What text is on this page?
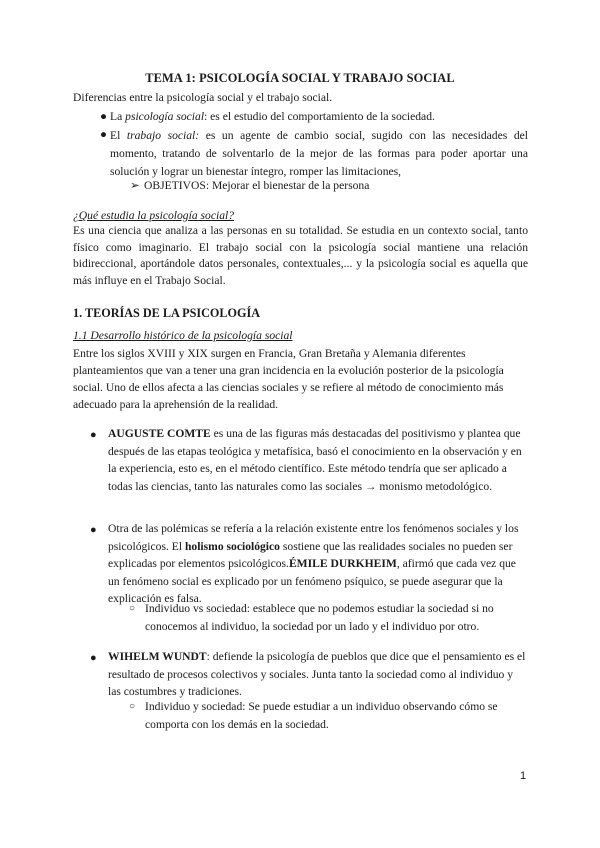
TEMA 1: PSICOLOGÍA SOCIAL Y TRABAJO SOCIAL
Diferencias entre la psicología social y el trabajo social.
● La psicología social: es el estudio del comportamiento de la sociedad.
● El trabajo social: es un agente de cambio social, sugido con las necesidades del momento, tratando de solventarlo de la mejor de las formas para poder aportar una solución y lograr un bienestar íntegro, romper las limitaciones,
➢ OBJETIVOS: Mejorar el bienestar de la persona
¿Qué estudia la psicología social?
Es una ciencia que analiza a las personas en su totalidad. Se estudia en un contexto social, tanto físico como imaginario. El trabajo social con la psicología social mantiene una relación bidireccional, aportándole datos personales, contextuales,... y la psicología social es aquella que más influye en el Trabajo Social.
1. TEORÍAS DE LA PSICOLOGÍA
1.1 Desarrollo histórico de la psicología social
Entre los siglos XVIII y XIX surgen en Francia, Gran Bretaña y Alemania diferentes planteamientos que van a tener una gran incidencia en la evolución posterior de la psicología social. Uno de ellos afecta a las ciencias sociales y se refiere al método de conocimiento más adecuado para la aprehensión de la realidad.
● AUGUSTE COMTE es una de las figuras más destacadas del positivismo y plantea que después de las etapas teológica y metafísica, basó el conocimiento en la observación y en la experiencia, esto es, en el método científico. Este método tendría que ser aplicado a todas las ciencias, tanto las naturales como las sociales → monismo metodológico.
● Otra de las polémicas se refería a la relación existente entre los fenómenos sociales y los psicológicos. El holismo sociológico sostiene que las realidades sociales no pueden ser explicadas por elementos psicológicos.ÉMILE DURKHEIM, afirmó que cada vez que un fenómeno social es explicado por un fenómeno psíquico, se puede asegurar que la explicación es falsa.
○ Individuo vs sociedad: establece que no podemos estudiar la sociedad si no conocemos al individuo, la sociedad por un lado y el individuo por otro.
● WIHELM WUNDT: defiende la psicología de pueblos que dice que el pensamiento es el resultado de procesos colectivos y sociales. Junta tanto la sociedad como al individuo y las costumbres y tradiciones.
○ Individuo y sociedad: Se puede estudiar a un individuo observando cómo se comporta con los demás en la sociedad.
1
